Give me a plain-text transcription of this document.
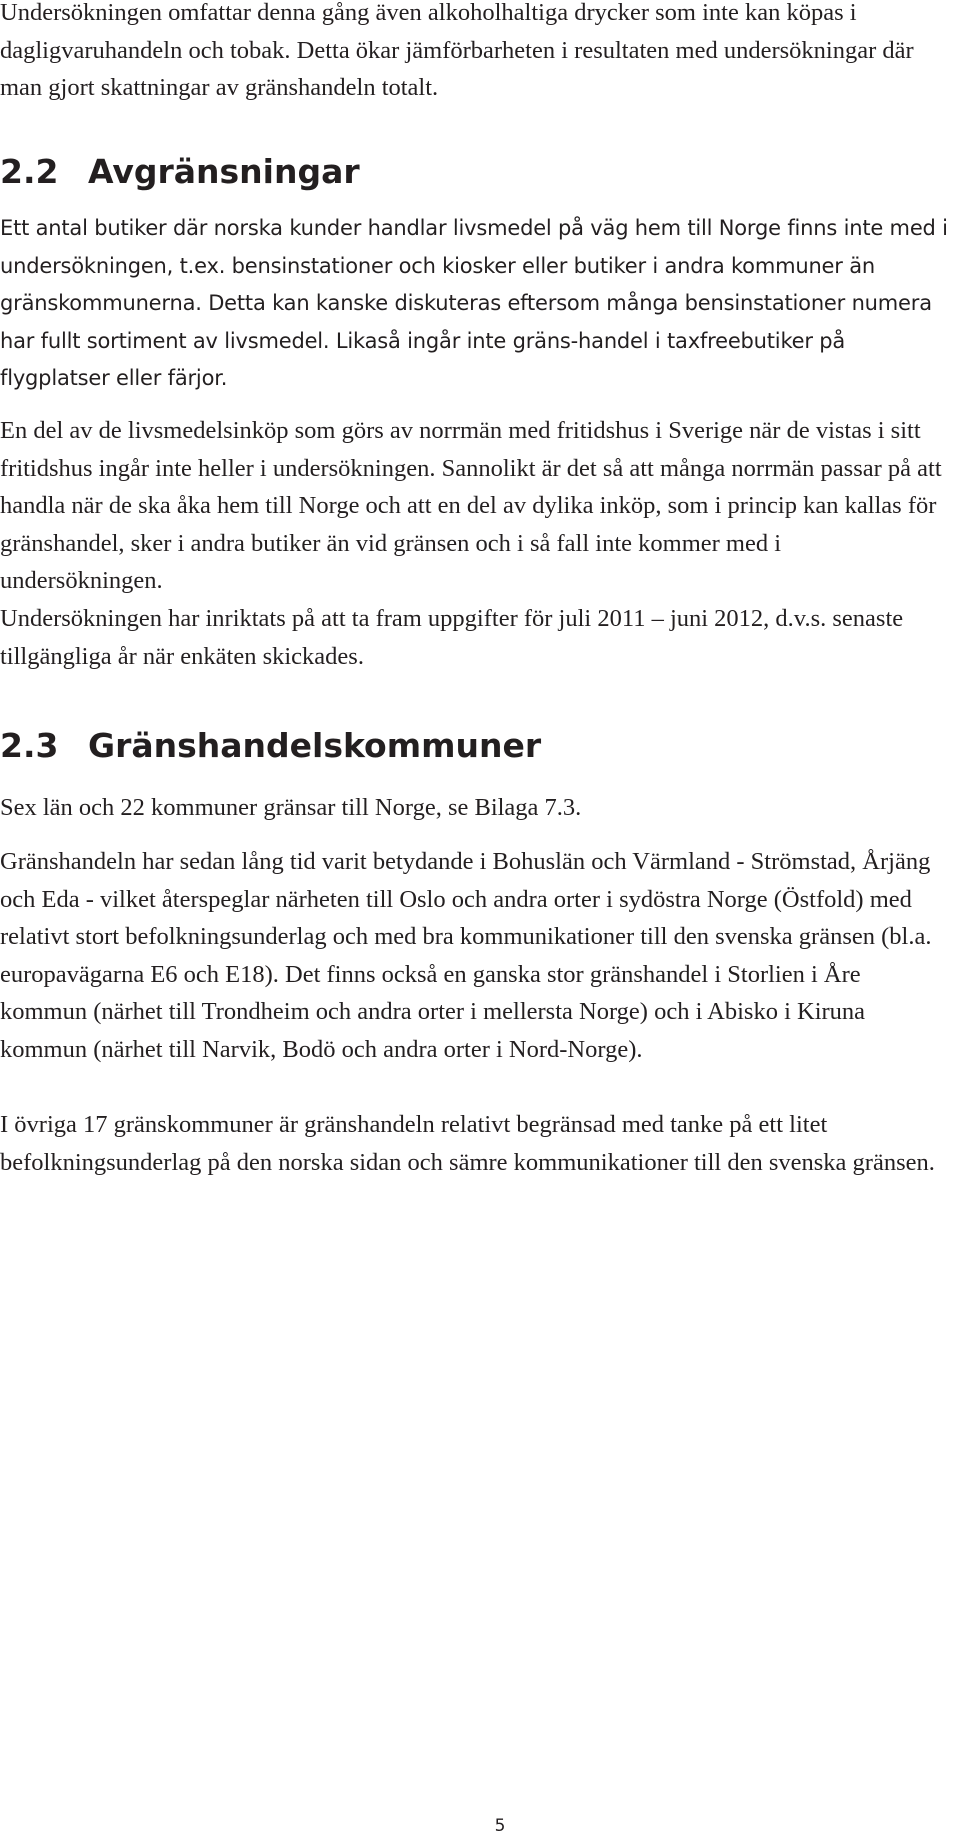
Undersökningen omfattar denna gång även alkoholhaltiga drycker som inte kan köpas i dagligvaruhandeln och tobak. Detta ökar jämförbarheten i resultaten med undersökningar där man gjort skattningar av gränshandeln totalt.

2.2 Avgränsningar

Ett antal butiker där norska kunder handlar livsmedel på väg hem till Norge finns inte med i undersökningen, t.ex. bensinstationer och kiosker eller butiker i andra kommuner än gränskommunerna. Detta kan kanske diskuteras eftersom många bensinstationer numera har fullt sortiment av livsmedel. Likaså ingår inte gräns-handel i taxfreebutiker på flygplatser eller färjor.

En del av de livsmedelsinköp som görs av norrmän med fritidshus i Sverige när de vistas i sitt fritidshus ingår inte heller i undersökningen. Sannolikt är det så att många norrmän passar på att handla när de ska åka hem till Norge och att en del av dylika inköp, som i princip kan kallas för gränshandel, sker i andra butiker än vid gränsen och i så fall inte kommer med i undersökningen.

Undersökningen har inriktats på att ta fram uppgifter för juli 2011 – juni 2012, d.v.s. senaste tillgängliga år när enkäten skickades.

2.3 Gränshandelskommuner

Sex län och 22 kommuner gränsar till Norge, se Bilaga 7.3.

Gränshandeln har sedan lång tid varit betydande i Bohuslän och Värmland - Strömstad, Årjäng och Eda - vilket återspeglar närheten till Oslo och andra orter i sydöstra Norge (Östfold) med relativt stort befolkningsunderlag och med bra kommunikationer till den svenska gränsen (bl.a. europavägarna E6 och E18). Det finns också en ganska stor gränshandel i Storlien i Åre kommun (närhet till Trondheim och andra orter i mellersta Norge) och i Abisko i Kiruna kommun (närhet till Narvik, Bodö och andra orter i Nord-Norge).

I övriga 17 gränskommuner är gränshandeln relativt begränsad med tanke på ett litet befolkningsunderlag på den norska sidan och sämre kommunikationer till den svenska gränsen.

5
